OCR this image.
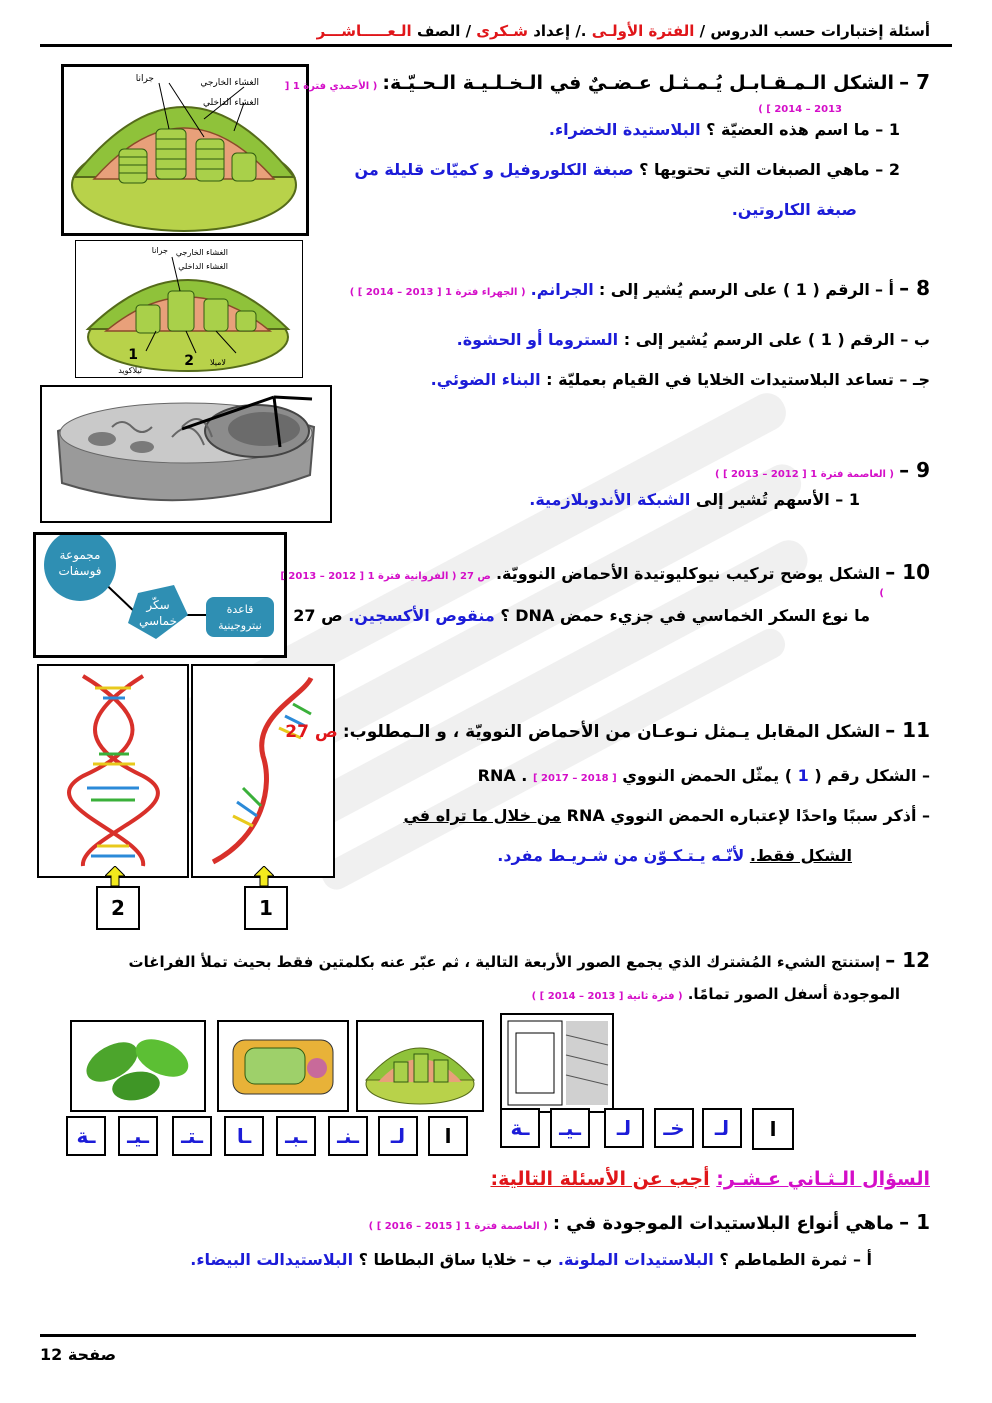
أسئلة إختبارات حسب الدروس / الفترة الأولـى ./ إعداد شـكرى / الصف الـعـــــاشـــر
الغشاء الخارجي
جرانا
الغشاء الداخلي
7 – الشكل الـمـقـابـل يُـمـثـل عـضـيٌ في الـخـلـيـة الـحـيّـة: ( الأحمدي فترة 1 [
2013 – 2014 ] )
1 – ما اسم هذه العضيّة ؟ البلاستيدة الخضراء.
2 – ماهي الصبغات التي تحتويها ؟ صبغة الكلوروفيل و كميّات قليلة من
صبغة الكاروتين.
1	2 لاميلا
ثيلاكويد
الغشاء الخارجي
جرانا
الغشاء الداخلي
8 – أ – الرقم ( 1 ) على الرسم يُشير إلى : الجرانم. ( الجهراء فترة 1 [ 2013 – 2014 ] )
ب – الرقم ( 1 ) على الرسم يُشير إلى : الستروما أو الحشوة.
جـ – تساعد البلاستيدات الخلايا في القيام بعمليّة : البناء الضوئي.
9 – ( العاصمة فترة 1 [ 2012 – 2013 ] )
1 – الأسهم تُشير إلى الشبكة الأندوبلازمية.
مجموعة
فوسفات
سكّر
خماسي
قاعدة
نيتروجينية
10 – الشكل يوضح تركيب نيوكليوتيدة الأحماض النوويّة. ص 27 ( الفروانية فترة 1 [ 2012 – 2013 ]
)
ما نوع السكر الخماسي في جزيء حمض DNA ؟ منقوص الأكسجين. ص 27
2	1
11 – الشكل المقابل يـمثل نـوعـان من الأحماض النوويّة ، و الـمطلوب: ص 27
– الشكل رقم ( 1 ) يمثّل الحمض النووي RNA . [ 2017 – 2018 ]
– أذكر سببًا واحدًا لإعتباره الحمض النووي RNA من خلال ما تراه في
الشكل فقط. لأنّـه يـتـكـوّن من شـريـط مفرد.
12 – إستنتج الشيء المُشترك الذي يجمع الصور الأربعة التالية ، ثم عبّر عنه بكلمتين فقط بحيث تملأ الفراغات
الموجودة أسفل الصور تمامًا. ( فترة ثانية [ 2013 – 2014 ] )
ا
لـ
خـ
لـ
ـيـ
ـة
ا
لـ
ـنـ
ـبـ
ـا
ـتـ
ـيـ
ـة
السؤال الـثـاني عـشـر: أجب عن الأسئلة التالية:
1 – ماهي أنواع البلاستيدات الموجودة في : ( العاصمة فترة 1 [ 2015 – 2016 ] )
أ – ثمرة الطماطم ؟ البلاستيدات الملونة. ب – خلايا ساق البطاطا ؟ البلاستيدالت البيضاء.
صفحة 12
